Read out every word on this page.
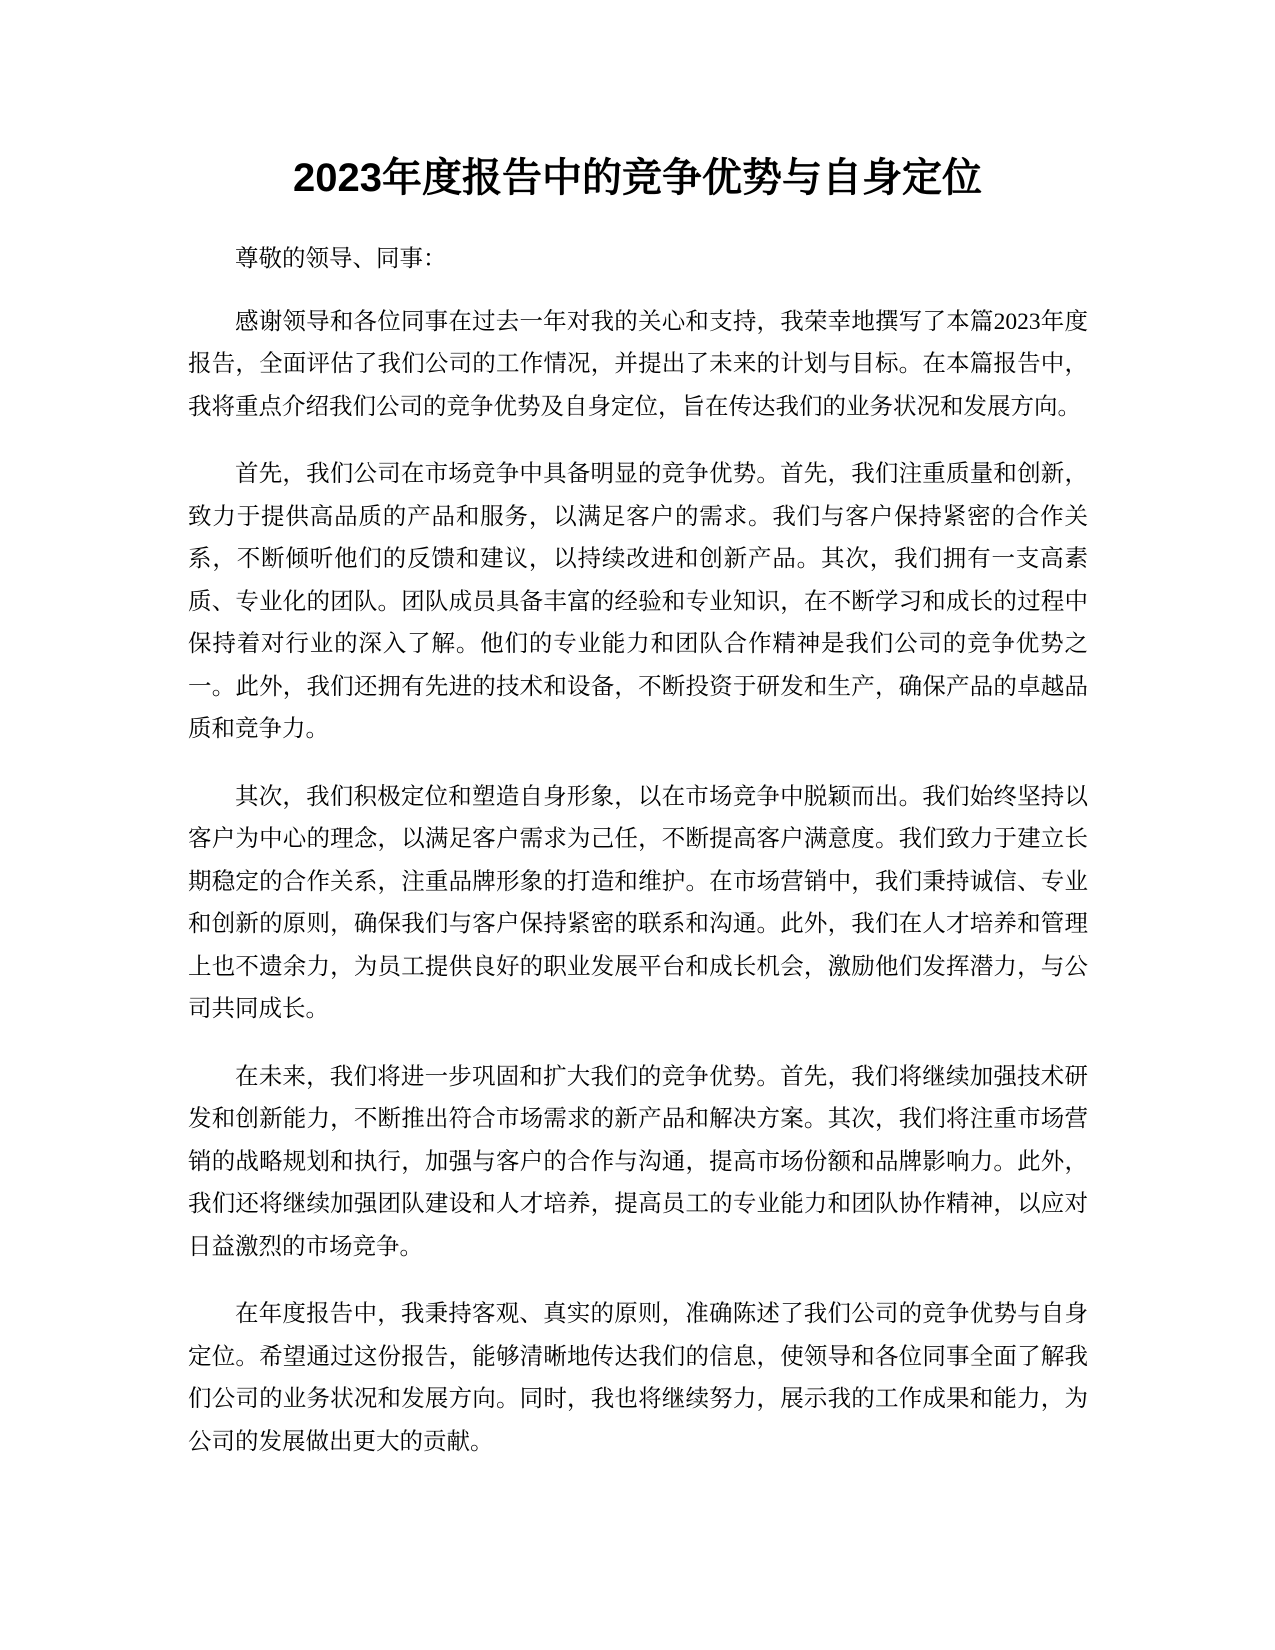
2023年度报告中的竞争优势与自身定位

尊敬的领导、同事：

感谢领导和各位同事在过去一年对我的关心和支持，我荣幸地撰写了本篇2023年度报告，全面评估了我们公司的工作情况，并提出了未来的计划与目标。在本篇报告中，我将重点介绍我们公司的竞争优势及自身定位，旨在传达我们的业务状况和发展方向。

首先，我们公司在市场竞争中具备明显的竞争优势。首先，我们注重质量和创新，致力于提供高品质的产品和服务，以满足客户的需求。我们与客户保持紧密的合作关系，不断倾听他们的反馈和建议，以持续改进和创新产品。其次，我们拥有一支高素质、专业化的团队。团队成员具备丰富的经验和专业知识，在不断学习和成长的过程中保持着对行业的深入了解。他们的专业能力和团队合作精神是我们公司的竞争优势之一。此外，我们还拥有先进的技术和设备，不断投资于研发和生产，确保产品的卓越品质和竞争力。

其次，我们积极定位和塑造自身形象，以在市场竞争中脱颖而出。我们始终坚持以客户为中心的理念，以满足客户需求为己任，不断提高客户满意度。我们致力于建立长期稳定的合作关系，注重品牌形象的打造和维护。在市场营销中，我们秉持诚信、专业和创新的原则，确保我们与客户保持紧密的联系和沟通。此外，我们在人才培养和管理上也不遗余力，为员工提供良好的职业发展平台和成长机会，激励他们发挥潜力，与公司共同成长。

在未来，我们将进一步巩固和扩大我们的竞争优势。首先，我们将继续加强技术研发和创新能力，不断推出符合市场需求的新产品和解决方案。其次，我们将注重市场营销的战略规划和执行，加强与客户的合作与沟通，提高市场份额和品牌影响力。此外，我们还将继续加强团队建设和人才培养，提高员工的专业能力和团队协作精神，以应对日益激烈的市场竞争。

在年度报告中，我秉持客观、真实的原则，准确陈述了我们公司的竞争优势与自身定位。希望通过这份报告，能够清晰地传达我们的信息，使领导和各位同事全面了解我们公司的业务状况和发展方向。同时，我也将继续努力，展示我的工作成果和能力，为公司的发展做出更大的贡献。
